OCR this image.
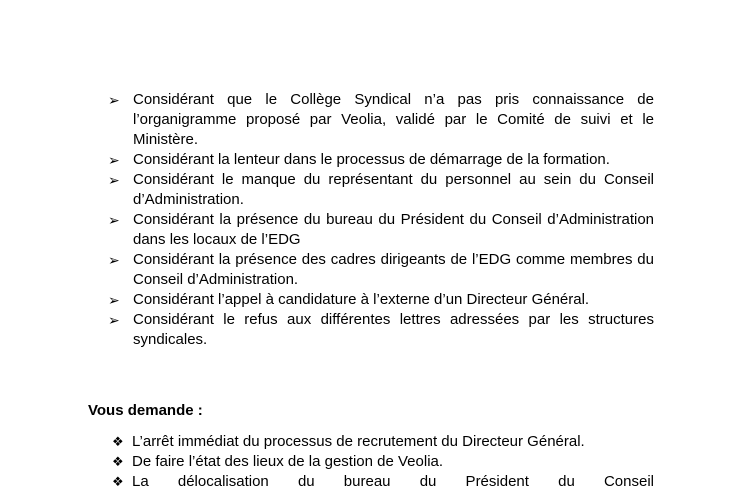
➢ Considérant que le Collège Syndical n’a pas pris connaissance de l’organigramme proposé par Veolia, validé par le Comité de suivi et le Ministère.
➢ Considérant la lenteur dans le processus de démarrage de la formation.
➢ Considérant le manque du représentant du personnel au sein du Conseil d’Administration.
➢ Considérant la présence du bureau du Président du Conseil d’Administration dans les locaux de l’EDG
➢ Considérant la présence des cadres dirigeants de l’EDG comme membres du Conseil d’Administration.
➢ Considérant l’appel à candidature à l’externe d’un Directeur Général.
➢ Considérant le refus aux différentes lettres adressées par les structures syndicales.
Vous demande :
❖ L’arrêt immédiat du processus de recrutement du Directeur Général.
❖ De faire l’état des lieux de la gestion de Veolia.
❖ La délocalisation du bureau du Président du Conseil
